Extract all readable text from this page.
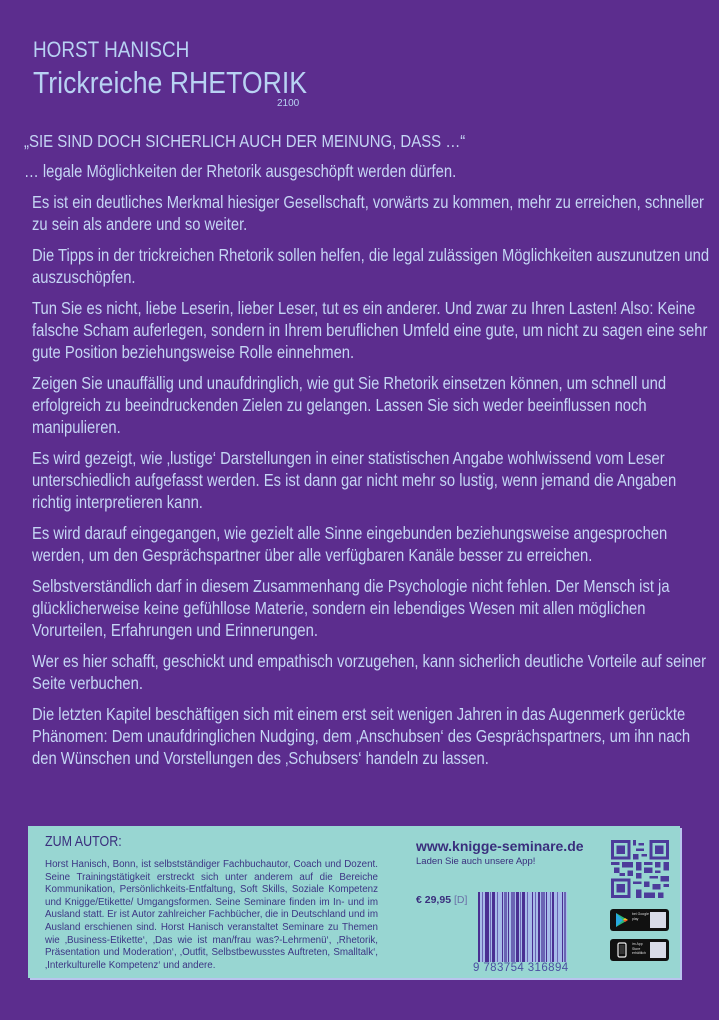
HORST HANISCH
Trickreiche RHETORIK
2100

„SIE SIND DOCH SICHERLICH AUCH DER MEINUNG, DASS …“

… legale Möglichkeiten der Rhetorik ausgeschöpft werden dürfen.

Es ist ein deutliches Merkmal hiesiger Gesellschaft, vorwärts zu kommen, mehr zu erreichen, schneller zu sein als andere und so weiter.

Die Tipps in der trickreichen Rhetorik sollen helfen, die legal zulässigen Möglichkeiten auszunutzen und auszuschöpfen.

Tun Sie es nicht, liebe Leserin, lieber Leser, tut es ein anderer. Und zwar zu Ihren Lasten! Also: Keine falsche Scham auferlegen, sondern in Ihrem beruflichen Umfeld eine gute, um nicht zu sagen eine sehr gute Position beziehungsweise Rolle einnehmen.

Zeigen Sie unauffällig und unaufdringlich, wie gut Sie Rhetorik einsetzen können, um schnell und erfolgreich zu beeindruckenden Zielen zu gelangen. Lassen Sie sich weder beeinflussen noch manipulieren.

Es wird gezeigt, wie ‚lustige‘ Darstellungen in einer statistischen Angabe wohlwissend vom Leser unterschiedlich aufgefasst werden. Es ist dann gar nicht mehr so lustig, wenn jemand die Angaben richtig interpretieren kann.

Es wird darauf eingegangen, wie gezielt alle Sinne eingebunden beziehungsweise angesprochen werden, um den Gesprächspartner über alle verfügbaren Kanäle besser zu erreichen.

Selbstverständlich darf in diesem Zusammenhang die Psychologie nicht fehlen. Der Mensch ist ja glücklicherweise keine gefühllose Materie, sondern ein lebendiges Wesen mit allen möglichen Vorurteilen, Erfahrungen und Erinnerungen.

Wer es hier schafft, geschickt und empathisch vorzugehen, kann sicherlich deutliche Vorteile auf seiner Seite verbuchen.

Die letzten Kapitel beschäftigen sich mit einem erst seit wenigen Jahren in das Augenmerk gerückte Phänomen: Dem unaufdringlichen Nudging, dem ‚Anschubsen‘ des Gesprächspartners, um ihn nach den Wünschen und Vorstellungen des ‚Schubsers‘ handeln zu lassen.

ZUM AUTOR:
Horst Hanisch, Bonn, ist selbstständiger Fachbuchautor, Coach und Dozent. Seine Trainingstätigkeit erstreckt sich unter anderem auf die Bereiche Kommunikation, Persönlichkeits-Entfaltung, Soft Skills, Soziale Kompetenz und Knigge/Etikette/ Umgangsformen. Seine Seminare finden im In- und im Ausland statt. Er ist Autor zahlreicher Fachbücher, die in Deutschland und im Ausland erschienen sind. Horst Hanisch veranstaltet Seminare zu Themen wie ‚Business-Etikette‘, ‚Das wie ist man/frau was?-Lehrmenü‘, ‚Rhetorik, Präsentation und Moderation‘, ‚Outfit, Selbstbewusstes Auftreten, Smalltalk‘, ‚Interkulturelle Kompetenz‘ und andere.
www.knigge-seminare.de
Laden Sie auch unsere App!
€ 29,95 [D]
9 783754 316894
bei Google play
im App Store erhältlich
